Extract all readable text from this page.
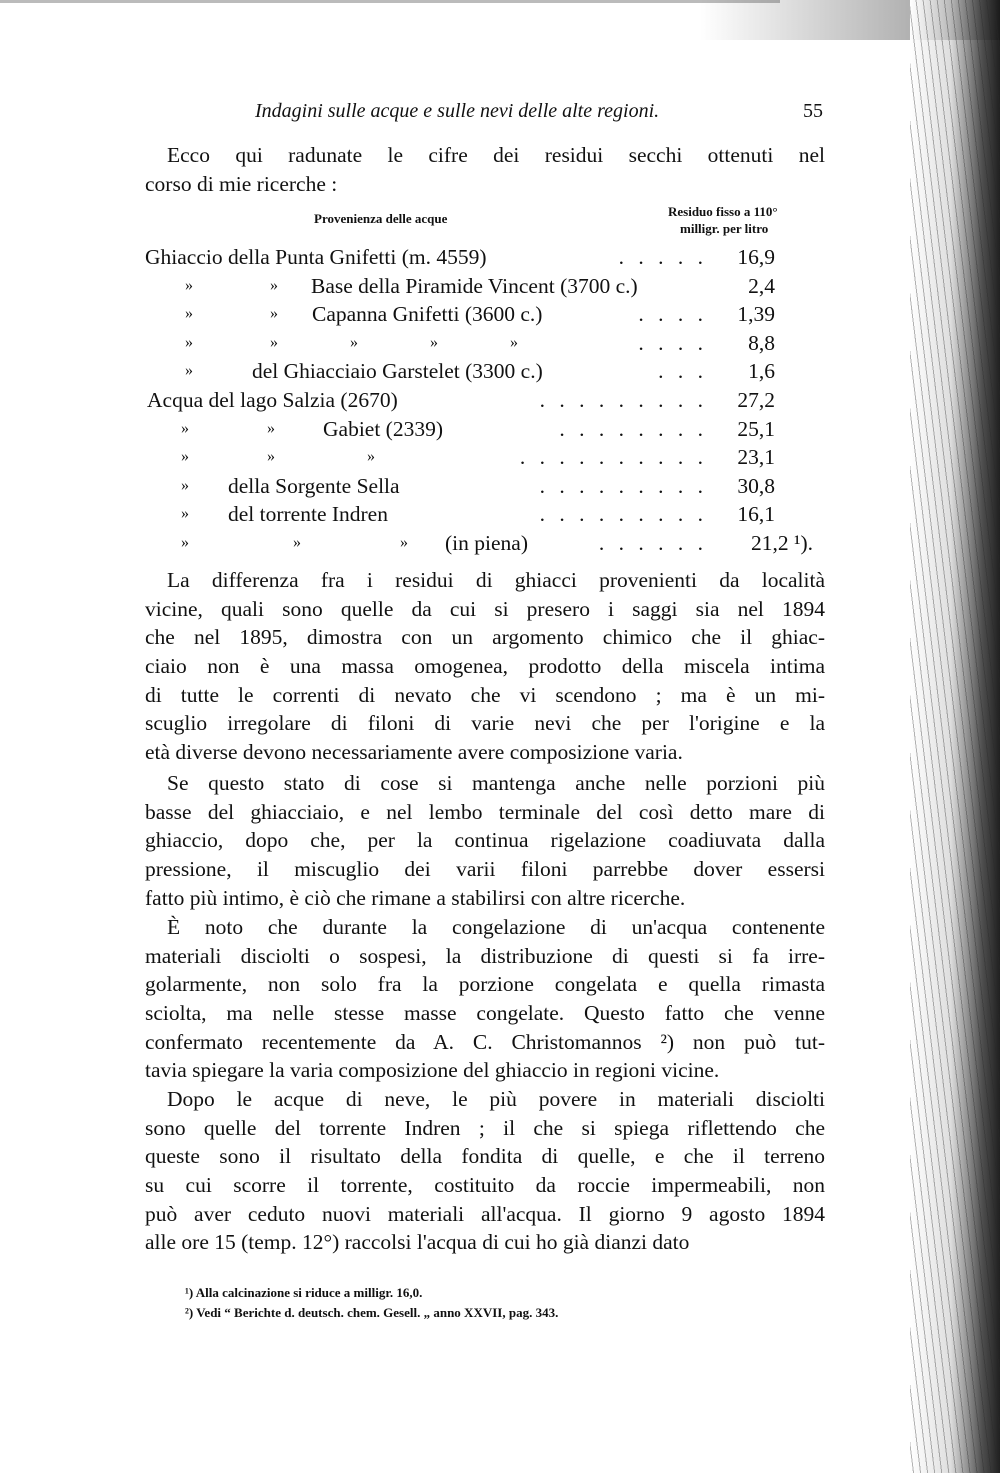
Indagini sulle acque e sulle nevi delle alte regioni.	55
Ecco qui radunate le cifre dei residui secchi ottenuti nel
corso di mie ricerche :
Provenienza delle acque	Residuo fisso a 110°
milligr. per litro
Ghiaccio della Punta Gnifetti (m. 4559)	. . . . . 16,9
»	» Base della Piramide Vincent (3700 c.)	2,4
»	» Capanna Gnifetti (3600 c.)	. . . . 1,39
»	»	»	»	»	. . . . 8,8
»	del Ghiacciaio Garstelet (3300 c.)	. . . 1,6
Acqua del lago Salzia (2670)	. . . . . . . . . 27,2
»	» Gabiet (2339)	. . . . . . . . 25,1
»	»	»	. . . . . . . . . . 23,1
» della Sorgente Sella	. . . . . . . . . 30,8
» del torrente Indren	. . . . . . . . . 16,1
»	»	» (in piena)	. . . . . . 21,2 ¹).
La differenza fra i residui di ghiacci provenienti da località
vicine, quali sono quelle da cui si presero i saggi sia nel 1894
che nel 1895, dimostra con un argomento chimico che il ghiac-
ciaio non è una massa omogenea, prodotto della miscela intima
di tutte le correnti di nevato che vi scendono ; ma è un mi-
scuglio irregolare di filoni di varie nevi che per l'origine e la
età diverse devono necessariamente avere composizione varia.
Se questo stato di cose si mantenga anche nelle porzioni più
basse del ghiacciaio, e nel lembo terminale del così detto mare di
ghiaccio, dopo che, per la continua rigelazione coadiuvata dalla
pressione, il miscuglio dei varii filoni parrebbe dover essersi
fatto più intimo, è ciò che rimane a stabilirsi con altre ricerche.
È noto che durante la congelazione di un'acqua contenente
materiali disciolti o sospesi, la distribuzione di questi si fa irre-
golarmente, non solo fra la porzione congelata e quella rimasta
sciolta, ma nelle stesse masse congelate. Questo fatto che venne
confermato recentemente da A. C. Christomannos ²) non può tut-
tavia spiegare la varia composizione del ghiaccio in regioni vicine.
Dopo le acque di neve, le più povere in materiali disciolti
sono quelle del torrente Indren ; il che si spiega riflettendo che
queste sono il risultato della fondita di quelle, e che il terreno
su cui scorre il torrente, costituito da roccie impermeabili, non
può aver ceduto nuovi materiali all'acqua. Il giorno 9 agosto 1894
alle ore 15 (temp. 12°) raccolsi l'acqua di cui ho già dianzi dato
¹) Alla calcinazione si riduce a milligr. 16,0.
²) Vedi “ Berichte d. deutsch. chem. Gesell. „ anno XXVII, pag. 343.
